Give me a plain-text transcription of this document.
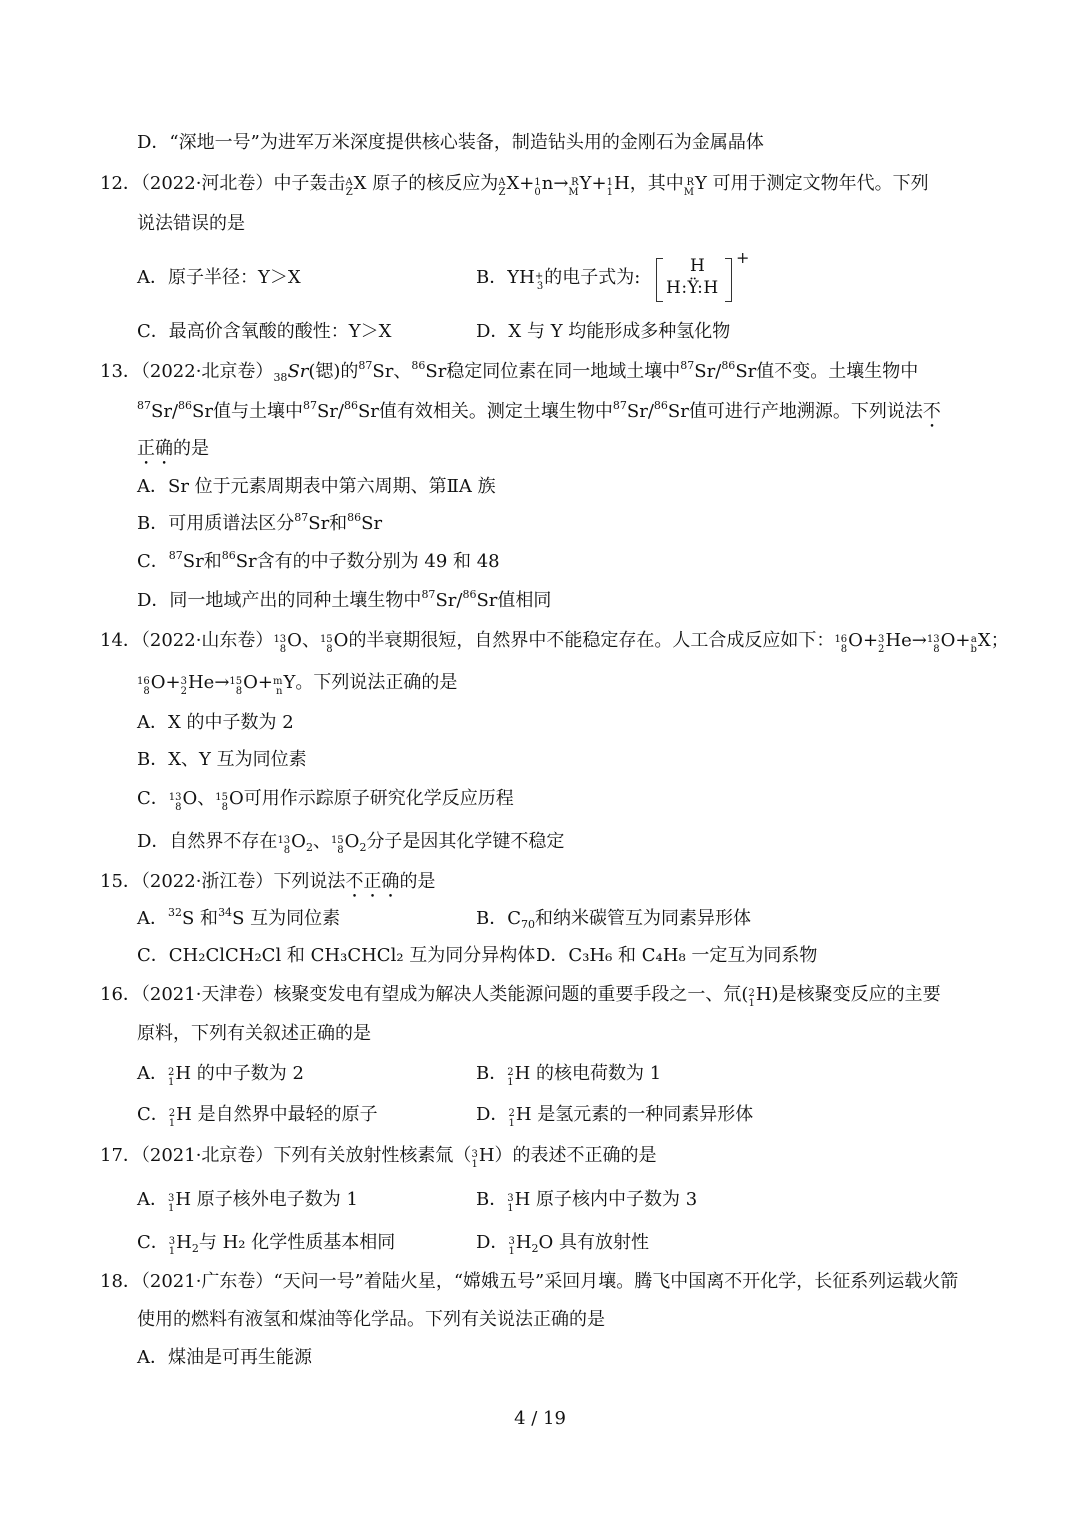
D．“深地一号”为进军万米深度提供核心装备，制造钻头用的金刚石为金属晶体
12．（2022·河北卷）中子轰击 A
Z X 原子的核反应为 A
Z X+ 1
0 n→ R
M Y+ 1
1 H，其中 R
M Y 可用于测定文物年代。下列
说法错误的是
A．原子半径：Y＞X	B．YH +
3 的电子式为:
H
H:Ÿ:H
+
C．最高价含氧酸的酸性：Y＞X	D．X 与 Y 均能形成多种氢化物
13．（2022·北京卷）$_{38}Sr$(锶)的$^{87}$Sr、$^{86}$Sr稳定同位素在同一地域土壤中$^{87}$Sr/$^{86}$Sr值不变。土壤生物中
$^{87}$Sr/$^{86}$Sr值与土壤中$^{87}$Sr/$^{86}$Sr值有效相关。测定土壤生物中$^{87}$Sr/$^{86}$Sr值可进行产地溯源。下列说法不
正确的是
A．Sr 位于元素周期表中第六周期、第ⅡA 族
B．可用质谱法区分$^{87}$Sr和$^{86}$Sr
C．$^{87}$Sr和$^{86}$Sr含有的中子数分别为 49 和 48
D．同一地域产出的同种土壤生物中$^{87}$Sr/$^{86}$Sr值相同
14．（2022·山东卷） 13
8 O、 15
8 O的半衰期很短，自然界中不能稳定存在。人工合成反应如下： 16
8 O+ 3
2 He→ 13
8 O+ a
b X；
16
8 O+ 3
2 He→ 15
8 O+ m
n Y。下列说法正确的是
A．X 的中子数为 2
B．X、Y 互为同位素
C． 13
8 O、 15
8 O可用作示踪原子研究化学反应历程
D．自然界不存在 13
8 $O_2$、 15
8 $O_2$分子是因其化学键不稳定
15．（2022·浙江卷）下列说法不正确的是
A．$^{32}$S 和$^{34}$S 互为同位素	B．$C_{70}$和纳米碳管互为同素异形体
C．CH₂ClCH₂Cl 和 CH₃CHCl₂ 互为同分异构体 D．C₃H₆ 和 C₄H₈ 一定互为同系物
16．（2021·天津卷）核聚变发电有望成为解决人类能源问题的重要手段之一、氘( 2
1 H)是核聚变反应的主要
原料，下列有关叙述正确的是
A． 2
1 H 的中子数为 2	B． 2
1 H 的核电荷数为 1
C． 2
1 H 是自然界中最轻的原子	D． 2
1 H 是氢元素的一种同素异形体
17．（2021·北京卷）下列有关放射性核素氚（ 3
1 H）的表述不正确的是
A． 3
1 H 原子核外电子数为 1	B． 3
1 H 原子核内中子数为 3
C． 3
1 $H_2$与 H₂ 化学性质基本相同	D． 3
1 $H_2O$ 具有放射性
18．（2021·广东卷）“天问一号”着陆火星，“嫦娥五号”采回月壤。腾飞中国离不开化学，长征系列运载火箭
使用的燃料有液氢和煤油等化学品。下列有关说法正确的是
A．煤油是可再生能源
4 / 19
